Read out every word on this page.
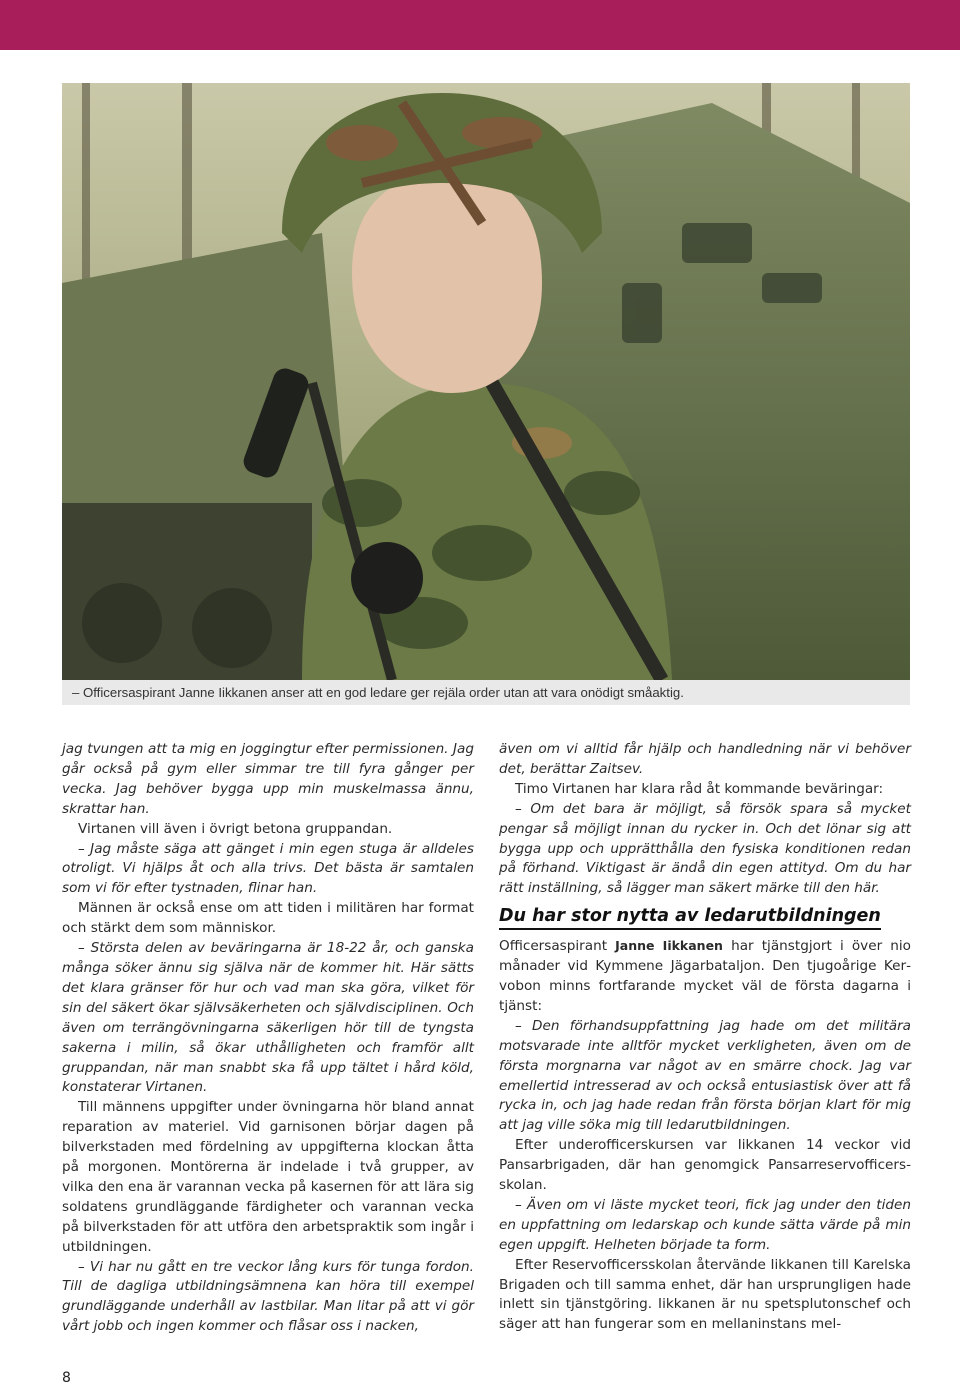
– Officersaspirant Janne Iikkanen anser att en god ledare ger rejäla order utan att vara onödigt småaktig.

jag tvungen att ta mig en joggingtur efter permissionen. Jag går också på gym eller simmar tre till fyra gånger per vecka. Jag behöver bygga upp min muskelmassa ännu, skrattar han.

Virtanen vill även i övrigt betona gruppandan.

– Jag måste säga att gänget i min egen stuga är alldeles otroligt. Vi hjälps åt och alla trivs. Det bästa är samtalen som vi för efter tystnaden, flinar han.

Männen är också ense om att tiden i militären har format och stärkt dem som människor.

– Största delen av beväringarna är 18-22 år, och ganska många söker ännu sig själva när de kommer hit. Här sätts det klara gränser för hur och vad man ska göra, vilket för sin del säkert ökar självsäkerheten och självdisciplinen. Och även om terrängövningarna säkerligen hör till de tyngsta sakerna i milin, så ökar uthålligheten och framför allt gruppandan, när man snabbt ska få upp tältet i hård köld, konstaterar Virtanen.

Till männens uppgifter under övningarna hör bland annat reparation av materiel. Vid garnisonen börjar dagen på bilverkstaden med fördelning av uppgifterna klockan åtta på morgonen. Montörerna är indelade i två grupper, av vilka den ena är varannan vecka på kasernen för att lära sig soldatens grundläggande färdigheter och varannan vecka på bilverkstaden för att utföra den arbetspraktik som ingår i utbildningen.

– Vi har nu gått en tre veckor lång kurs för tunga fordon. Till de dagliga utbildningsämnena kan höra till exempel grundläggande underhåll av lastbilar. Man litar på att vi gör vårt jobb och ingen kommer och flåsar oss i nacken,

även om vi alltid får hjälp och handledning när vi behöver det, berättar Zaitsev.

Timo Virtanen har klara råd åt kommande beväringar:

– Om det bara är möjligt, så försök spara så mycket pengar så möjligt innan du rycker in. Och det lönar sig att bygga upp och upprätthålla den fysiska konditionen redan på förhand. Viktigast är ändå din egen attityd. Om du har rätt inställning, så lägger man säkert märke till den här.

Du har stor nytta av ledarutbildningen

Officersaspirant Janne Iikkanen har tjänstgjort i över nio månader vid Kymmene Jägarbataljon. Den tjugoårige Kervobon minns fortfarande mycket väl de första dagarna i tjänst:

– Den förhandsuppfattning jag hade om det militära motsvarade inte alltför mycket verkligheten, även om de första morgnarna var något av en smärre chock. Jag var emellertid intresserad av och också entusiastisk över att få rycka in, och jag hade redan från första början klart för mig att jag ville söka mig till ledarutbildningen.

Efter underofficerskursen var Iikkanen 14 veckor vid Pansarbrigaden, där han genomgick Pansarreservofficersskolan.

– Även om vi läste mycket teori, fick jag under den tiden en uppfattning om ledarskap och kunde sätta värde på min egen uppgift. Helheten började ta form.

Efter Reservofficersskolan återvände Iikkanen till Karelska Brigaden och till samma enhet, där han ursprungligen hade inlett sin tjänstgöring. Iikkanen är nu spetsplutonschef och säger att han fungerar som en mellaninstans mel-

8
